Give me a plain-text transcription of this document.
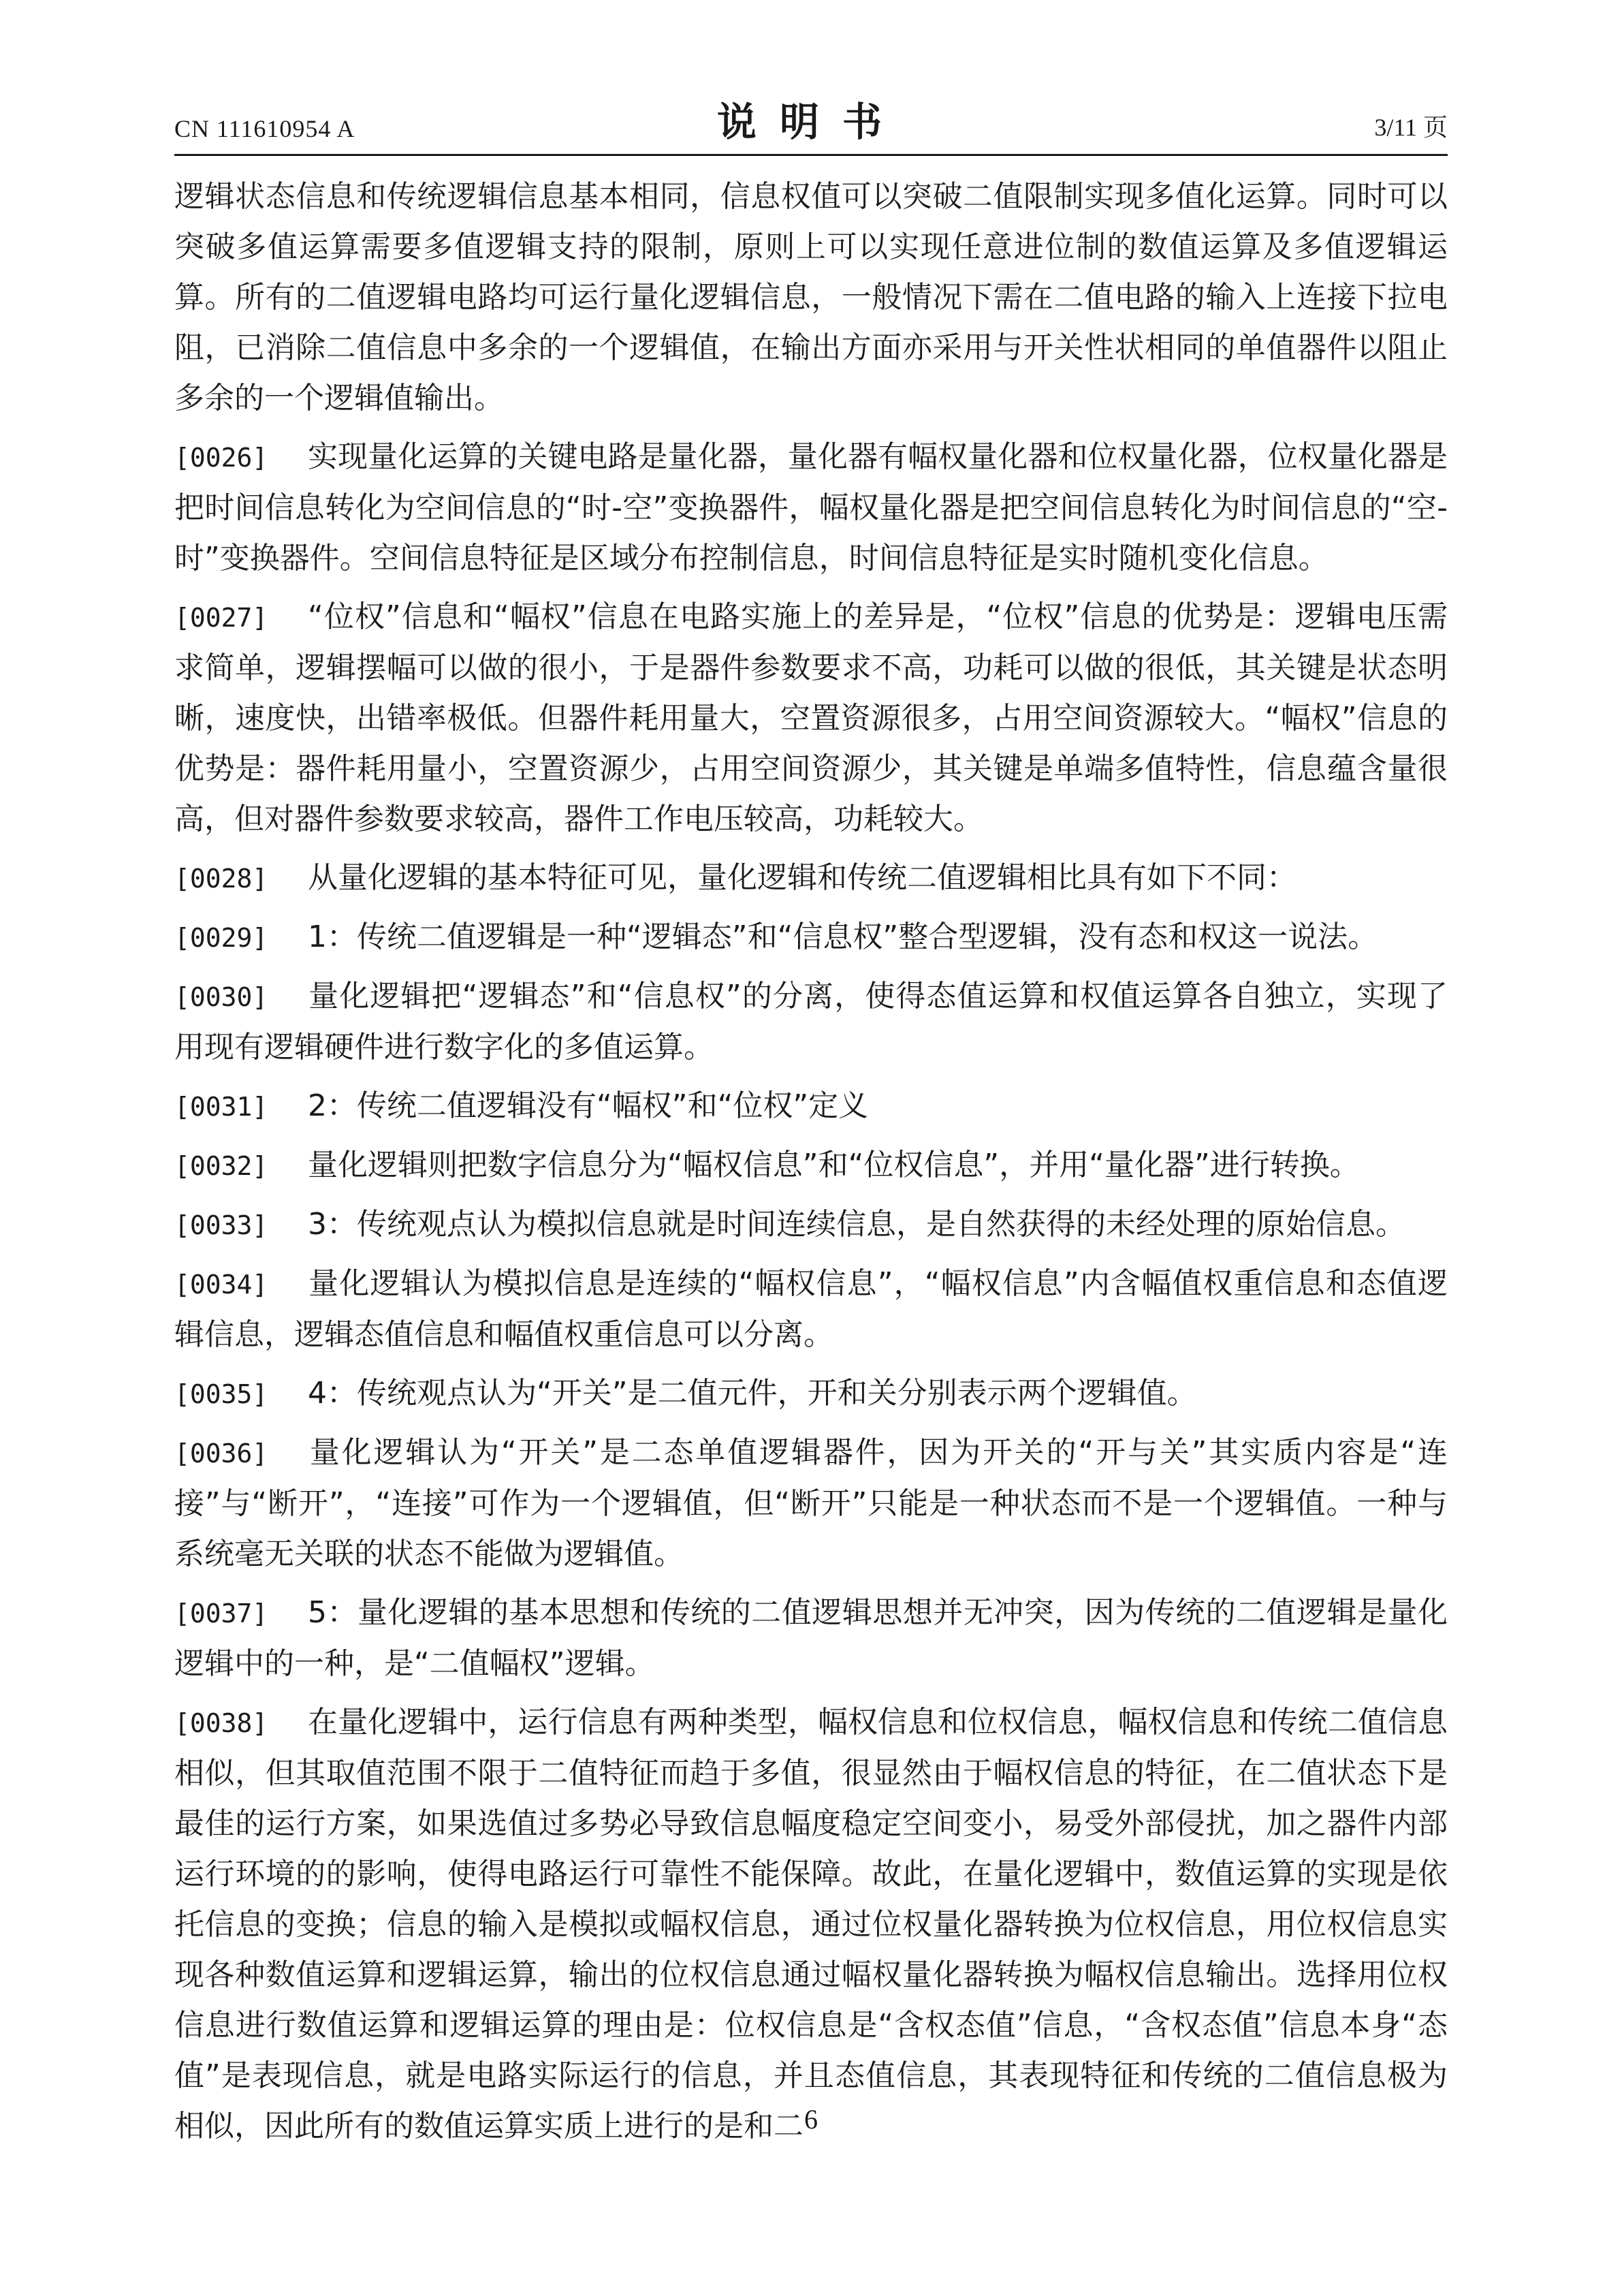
CN 111610954 A	说明书	3/11 页

逻辑状态信息和传统逻辑信息基本相同，信息权值可以突破二值限制实现多值化运算。同时可以突破多值运算需要多值逻辑支持的限制，原则上可以实现任意进位制的数值运算及多值逻辑运算。所有的二值逻辑电路均可运行量化逻辑信息，一般情况下需在二值电路的输入上连接下拉电阻，已消除二值信息中多余的一个逻辑值，在输出方面亦采用与开关性状相同的单值器件以阻止多余的一个逻辑值输出。

[0026] 实现量化运算的关键电路是量化器，量化器有幅权量化器和位权量化器，位权量化器是把时间信息转化为空间信息的“时-空”变换器件，幅权量化器是把空间信息转化为时间信息的“空-时”变换器件。空间信息特征是区域分布控制信息，时间信息特征是实时随机变化信息。

[0027] “位权”信息和“幅权”信息在电路实施上的差异是，“位权”信息的优势是：逻辑电压需求简单，逻辑摆幅可以做的很小，于是器件参数要求不高，功耗可以做的很低，其关键是状态明晰，速度快，出错率极低。但器件耗用量大，空置资源很多，占用空间资源较大。“幅权”信息的优势是：器件耗用量小，空置资源少，占用空间资源少，其关键是单端多值特性，信息蕴含量很高，但对器件参数要求较高，器件工作电压较高，功耗较大。

[0028] 从量化逻辑的基本特征可见，量化逻辑和传统二值逻辑相比具有如下不同：

[0029] 1：传统二值逻辑是一种“逻辑态”和“信息权”整合型逻辑，没有态和权这一说法。

[0030] 量化逻辑把“逻辑态”和“信息权”的分离，使得态值运算和权值运算各自独立，实现了用现有逻辑硬件进行数字化的多值运算。

[0031] 2：传统二值逻辑没有“幅权”和“位权”定义

[0032] 量化逻辑则把数字信息分为“幅权信息”和“位权信息”，并用“量化器”进行转换。

[0033] 3：传统观点认为模拟信息就是时间连续信息，是自然获得的未经处理的原始信息。

[0034] 量化逻辑认为模拟信息是连续的“幅权信息”，“幅权信息”内含幅值权重信息和态值逻辑信息，逻辑态值信息和幅值权重信息可以分离。

[0035] 4：传统观点认为“开关”是二值元件，开和关分别表示两个逻辑值。

[0036] 量化逻辑认为“开关”是二态单值逻辑器件，因为开关的“开与关”其实质内容是“连接”与“断开”，“连接”可作为一个逻辑值，但“断开”只能是一种状态而不是一个逻辑值。一种与系统毫无关联的状态不能做为逻辑值。

[0037] 5：量化逻辑的基本思想和传统的二值逻辑思想并无冲突，因为传统的二值逻辑是量化逻辑中的一种，是“二值幅权”逻辑。

[0038] 在量化逻辑中，运行信息有两种类型，幅权信息和位权信息，幅权信息和传统二值信息相似，但其取值范围不限于二值特征而趋于多值，很显然由于幅权信息的特征，在二值状态下是最佳的运行方案，如果选值过多势必导致信息幅度稳定空间变小，易受外部侵扰，加之器件内部运行环境的的影响，使得电路运行可靠性不能保障。故此，在量化逻辑中，数值运算的实现是依托信息的变换；信息的输入是模拟或幅权信息，通过位权量化器转换为位权信息，用位权信息实现各种数值运算和逻辑运算，输出的位权信息通过幅权量化器转换为幅权信息输出。选择用位权信息进行数值运算和逻辑运算的理由是：位权信息是“含权态值”信息，“含权态值”信息本身“态值”是表现信息，就是电路实际运行的信息，并且态值信息，其表现特征和传统的二值信息极为相似，因此所有的数值运算实质上进行的是和二 6
